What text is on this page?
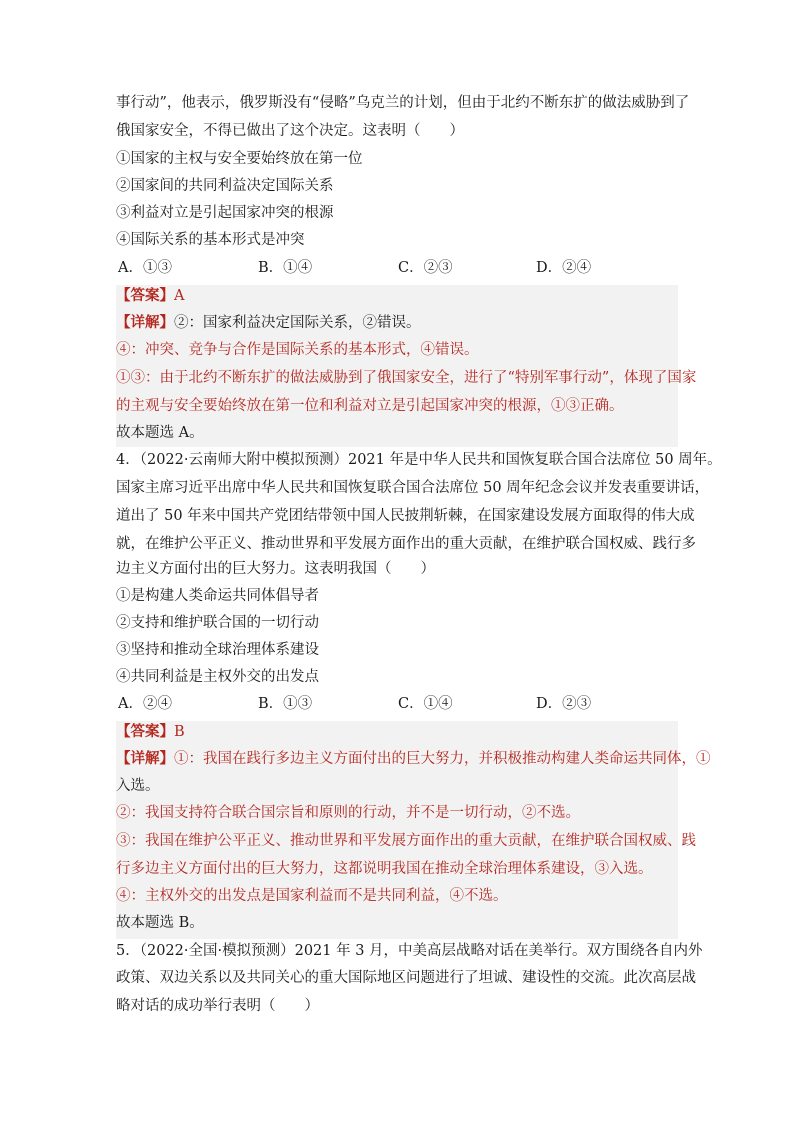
事行动”，他表示，俄罗斯没有“侵略”乌克兰的计划，但由于北约不断东扩的做法威胁到了
俄国家安全，不得已做出了这个决定。这表明（　　）
①国家的主权与安全要始终放在第一位
②国家间的共同利益决定国际关系
③利益对立是引起国家冲突的根源
④国际关系的基本形式是冲突
A．①③	B．①④	C．②③	D．②④
【答案】A
【详解】②：国家利益决定国际关系，②错误。
④：冲突、竞争与合作是国际关系的基本形式，④错误。
①③：由于北约不断东扩的做法威胁到了俄国家安全，进行了“特别军事行动”，体现了国家
的主观与安全要始终放在第一位和利益对立是引起国家冲突的根源，①③正确。
故本题选 A。
4．（2022·云南师大附中模拟预测）2021 年是中华人民共和国恢复联合国合法席位 50 周年。
国家主席习近平出席中华人民共和国恢复联合国合法席位 50 周年纪念会议并发表重要讲话，
道出了 50 年来中国共产党团结带领中国人民披荆斩棘，在国家建设发展方面取得的伟大成
就，在维护公平正义、推动世界和平发展方面作出的重大贡献，在维护联合国权威、践行多
边主义方面付出的巨大努力。这表明我国（　　）
①是构建人类命运共同体倡导者
②支持和维护联合国的一切行动
③坚持和推动全球治理体系建设
④共同利益是主权外交的出发点
A．②④	B．①③	C．①④	D．②③
【答案】B
【详解】①：我国在践行多边主义方面付出的巨大努力，并积极推动构建人类命运共同体，①
入选。
②：我国支持符合联合国宗旨和原则的行动，并不是一切行动，②不选。
③：我国在维护公平正义、推动世界和平发展方面作出的重大贡献，在维护联合国权威、践
行多边主义方面付出的巨大努力，这都说明我国在推动全球治理体系建设，③入选。
④：主权外交的出发点是国家利益而不是共同利益，④不选。
故本题选 B。
5．（2022·全国·模拟预测）2021 年 3 月，中美高层战略对话在美举行。双方围绕各自内外
政策、双边关系以及共同关心的重大国际地区问题进行了坦诚、建设性的交流。此次高层战
略对话的成功举行表明（　　）
